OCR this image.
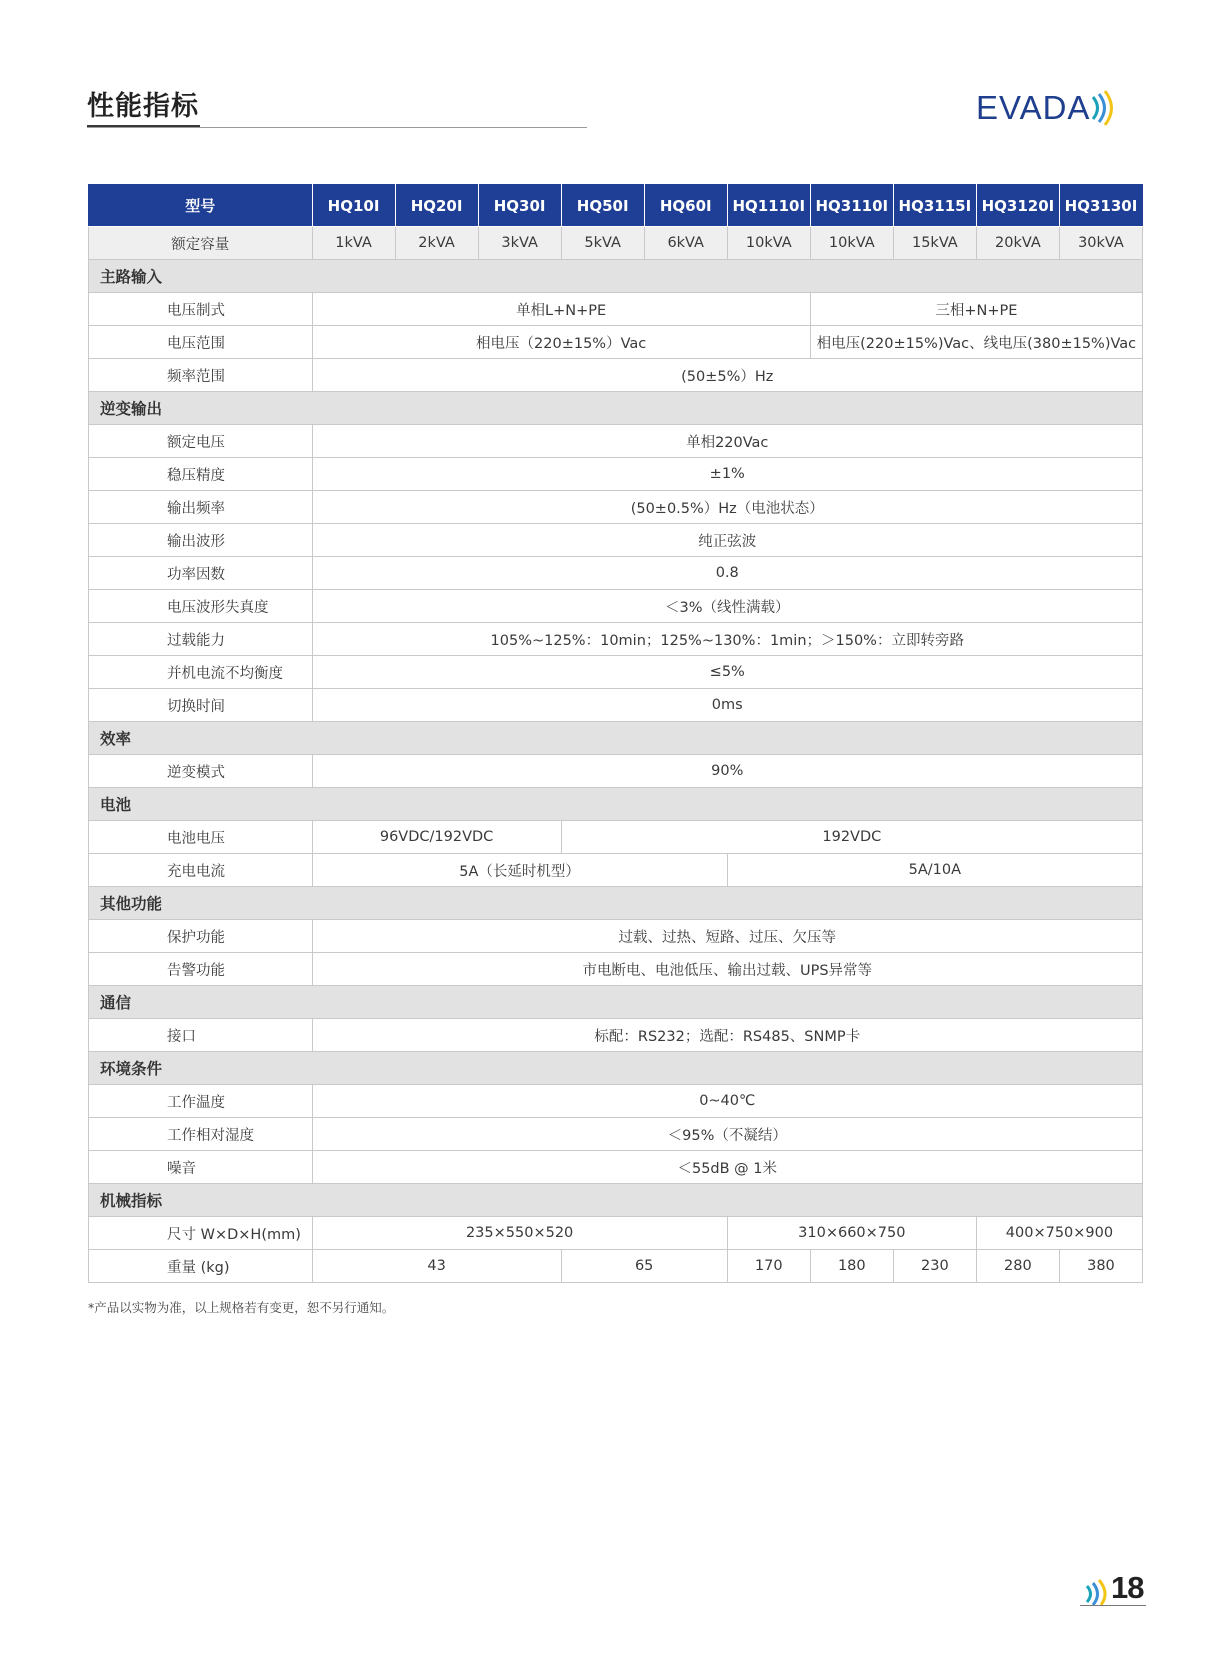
性能指标	EVADA
型号	HQ10I	HQ20I	HQ30I	HQ50I	HQ60I	HQ1110I	HQ3110I	HQ3115I	HQ3120I	HQ3130I
额定容量	1kVA	2kVA	3kVA	5kVA	6kVA	10kVA	10kVA	15kVA	20kVA	30kVA
主路输入										
电压制式	单相L+N+PE						三相+N+PE			
电压范围	相电压（220±15%）Vac						相电压(220±15%)Vac、线电压(380±15%)Vac			
频率范围	(50±5%）Hz									
逆变输出										
额定电压	单相220Vac									
稳压精度	±1%									
输出频率	(50±0.5%）Hz（电池状态）									
输出波形	纯正弦波									
功率因数	0.8									
电压波形失真度	＜3%（线性满载）									
过载能力	105%~125%：10min；125%~130%：1min；＞150%：立即转旁路									
并机电流不均衡度	≤5%									
切换时间	0ms									
效率										
逆变模式	90%									
电池										
电池电压	96VDC/192VDC			192VDC						
充电电流	5A（长延时机型）					5A/10A				
其他功能										
保护功能	过载、过热、短路、过压、欠压等									
告警功能	市电断电、电池低压、输出过载、UPS异常等									
通信										
接口	标配：RS232；选配：RS485、SNMP卡									
环境条件										
工作温度	0~40℃									
工作相对湿度	＜95%（不凝结）									
噪音	＜55dB @ 1米									
机械指标										
尺寸 W×D×H(mm)	235×550×520					310×660×750			400×750×900	
重量 (kg)	43			65		170	180	230	280	380
*产品以实物为准，以上规格若有变更，恕不另行通知。
18
